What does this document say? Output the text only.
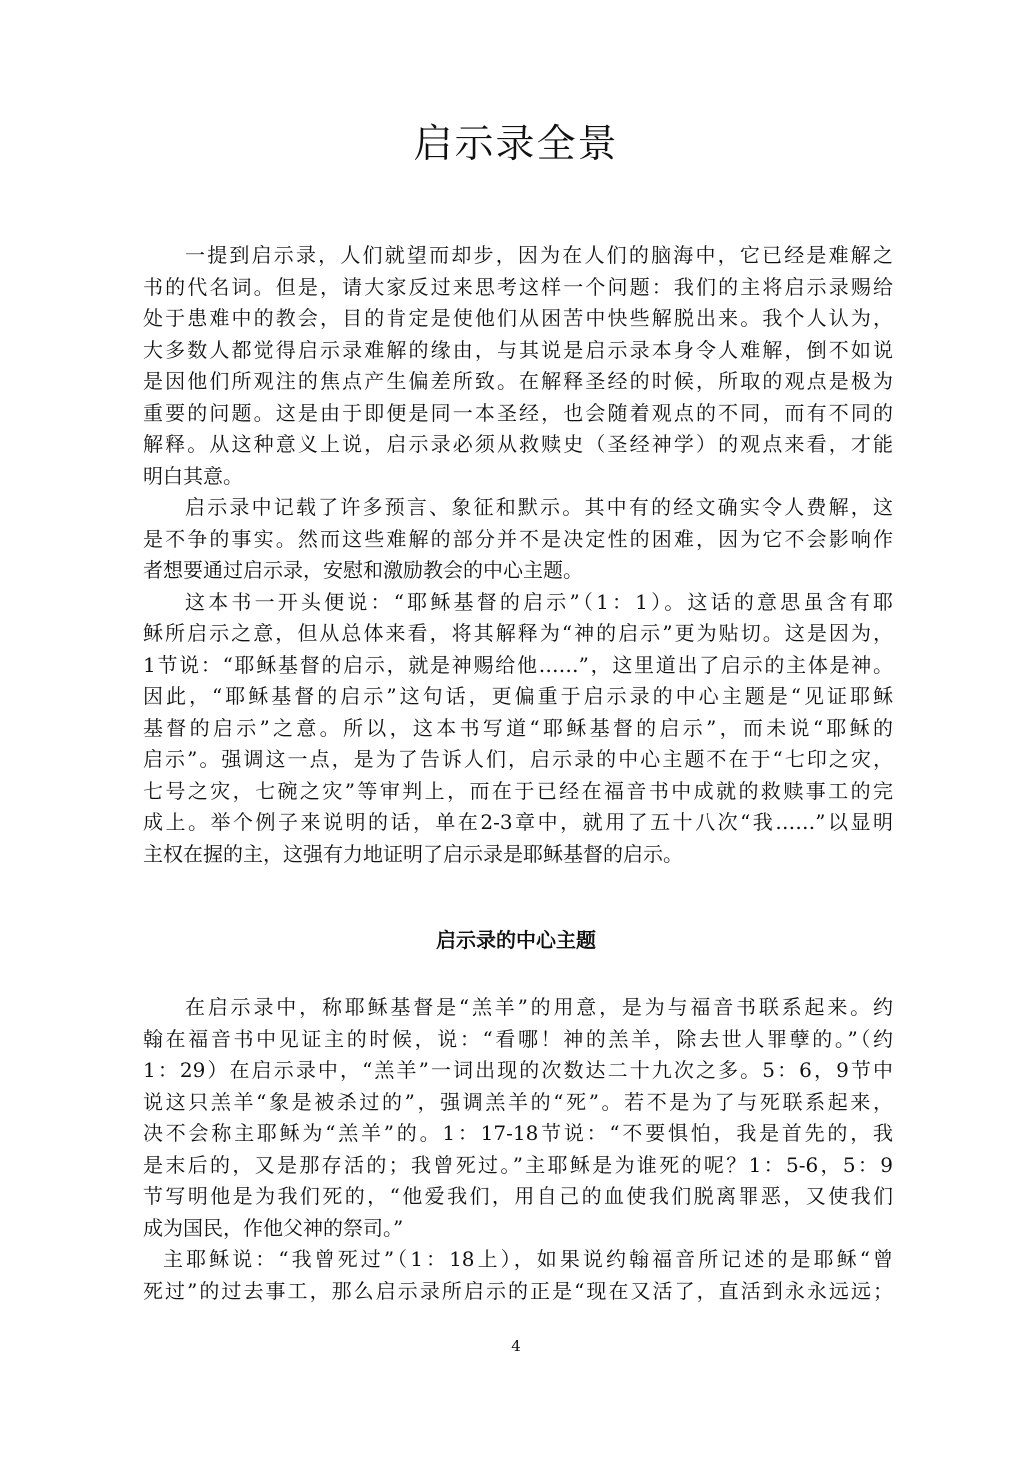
启示录全景
一提到启示录，人们就望而却步，因为在人们的脑海中，它已经是难解之
书的代名词。但是，请大家反过来思考这样一个问题：我们的主将启示录赐给
处于患难中的教会，目的肯定是使他们从困苦中快些解脱出来。我个人认为，
大多数人都觉得启示录难解的缘由，与其说是启示录本身令人难解，倒不如说
是因他们所观注的焦点产生偏差所致。在解释圣经的时候，所取的观点是极为
重要的问题。这是由于即便是同一本圣经，也会随着观点的不同，而有不同的
解释。从这种意义上说，启示录必须从救赎史（圣经神学）的观点来看，才能
明白其意。
启示录中记载了许多预言、象征和默示。其中有的经文确实令人费解，这
是不争的事实。然而这些难解的部分并不是决定性的困难，因为它不会影响作
者想要通过启示录，安慰和激励教会的中心主题。
这本书一开头便说：“耶稣基督的启示”（1：1）。这话的意思虽含有耶
稣所启示之意，但从总体来看，将其解释为“神的启示”更为贴切。这是因为，
1节说：“耶稣基督的启示，就是神赐给他……”，这里道出了启示的主体是神。
因此，“耶稣基督的启示”这句话，更偏重于启示录的中心主题是“见证耶稣
基督的启示”之意。所以，这本书写道“耶稣基督的启示”，而未说“耶稣的
启示”。强调这一点，是为了告诉人们，启示录的中心主题不在于“七印之灾，
七号之灾，七碗之灾”等审判上，而在于已经在福音书中成就的救赎事工的完
成上。举个例子来说明的话，单在2-3章中，就用了五十八次“我……”以显明
主权在握的主，这强有力地证明了启示录是耶稣基督的启示。
启示录的中心主题
在启示录中，称耶稣基督是“羔羊”的用意，是为与福音书联系起来。约
翰在福音书中见证主的时候，说：“看哪！神的羔羊，除去世人罪孽的。”（约
1：29）在启示录中，“羔羊”一词出现的次数达二十九次之多。5：6，9节中
说这只羔羊“象是被杀过的”，强调羔羊的“死”。若不是为了与死联系起来，
决不会称主耶稣为“羔羊”的。1：17-18节说：“不要惧怕，我是首先的，我
是末后的，又是那存活的；我曾死过。”主耶稣是为谁死的呢？1：5-6，5：9
节写明他是为我们死的，“他爱我们，用自己的血使我们脱离罪恶，又使我们
成为国民，作他父神的祭司。”
主耶稣说：“我曾死过”（1：18上），如果说约翰福音所记述的是耶稣“曾
死过”的过去事工，那么启示录所启示的正是“现在又活了，直活到永永远远；
4
